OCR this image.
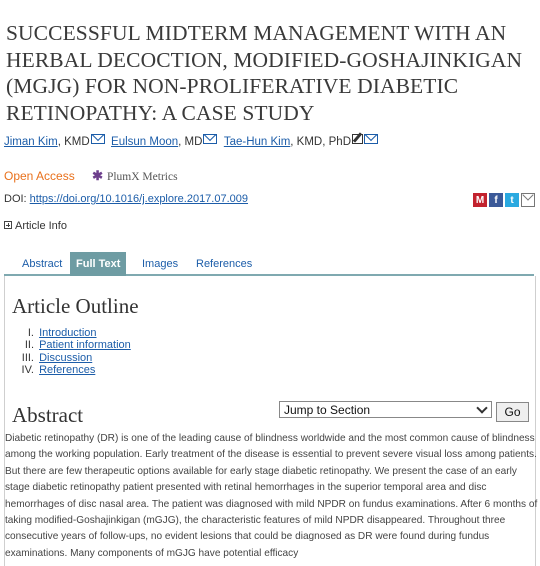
SUCCESSFUL MIDTERM MANAGEMENT WITH AN HERBAL DECOCTION, MODIFIED-GOSHAJINKIGAN (MGJG) FOR NON-PROLIFERATIVE DIABETIC RETINOPATHY: A CASE STUDY
Jiman Kim, KMD Eulsun Moon, MD Tae-Hun Kim, KMD, PhD
Open Access ✱ PlumX Metrics
DOI: https://doi.org/10.1016/j.explore.2017.07.009	M	f	t
Article Info
Abstract	Full Text	Images	References
Article Outline
I. Introduction
II. Patient information
III. Discussion
IV. References
Abstract	Jump to Section	Go

Diabetic retinopathy (DR) is one of the leading cause of blindness worldwide and the most common cause of blindness among the working population. Early treatment of the disease is essential to prevent severe visual loss among patients. But there are few therapeutic options available for early stage diabetic retinopathy. We present the case of an early stage diabetic retinopathy patient presented with retinal hemorrhages in the superior temporal area and disc hemorrhages of disc nasal area. The patient was diagnosed with mild NPDR on fundus examinations. After 6 months of taking modified-Goshajinkigan (mGJG), the characteristic features of mild NPDR disappeared. Throughout three consecutive years of follow-ups, no evident lesions that could be diagnosed as DR were found during fundus examinations. Many components of mGJG have potential efficacy
